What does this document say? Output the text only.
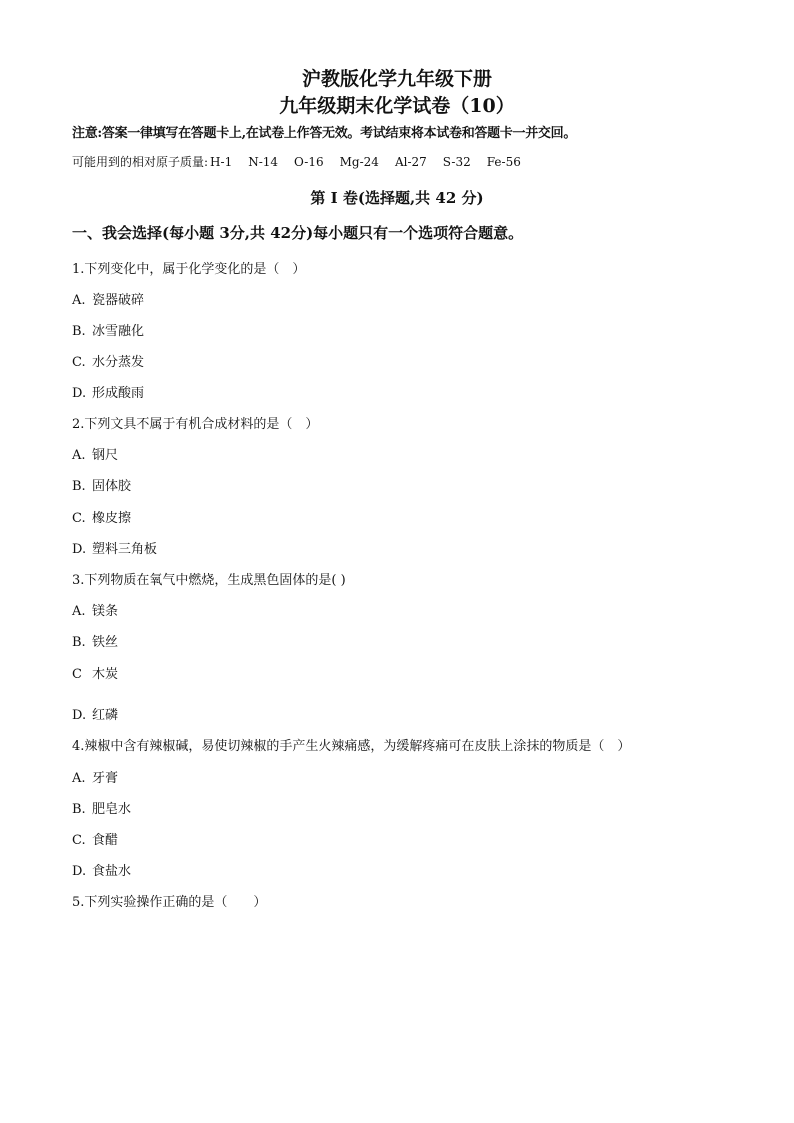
沪教版化学九年级下册
九年级期末化学试卷（10）
注意:答案一律填写在答题卡上,在试卷上作答无效。考试结束将本试卷和答题卡一并交回。
可能用到的相对原子质量: H-1 N-14 O-16 Mg-24 Al-27 S-32 Fe-56
第 I 卷(选择题,共 42 分)
一、我会选择(每小题 3分,共 42分)每小题只有一个选项符合题意。
1.下列变化中，属于化学变化的是（　）
A. 瓷器破碎
B. 冰雪融化
C. 水分蒸发
D. 形成酸雨
2.下列文具不属于有机合成材料的是（　）
A. 钢尺
B. 固体胶
C. 橡皮擦
D. 塑料三角板
3.下列物质在氧气中燃烧，生成黑色固体的是( )
A. 镁条
B. 铁丝
C 木炭
D. 红磷
4.辣椒中含有辣椒碱，易使切辣椒的手产生火辣痛感，为缓解疼痛可在皮肤上涂抹的物质是（　）
A. 牙膏
B. 肥皂水
C. 食醋
D. 食盐水
5.下列实验操作正确的是（　　）
